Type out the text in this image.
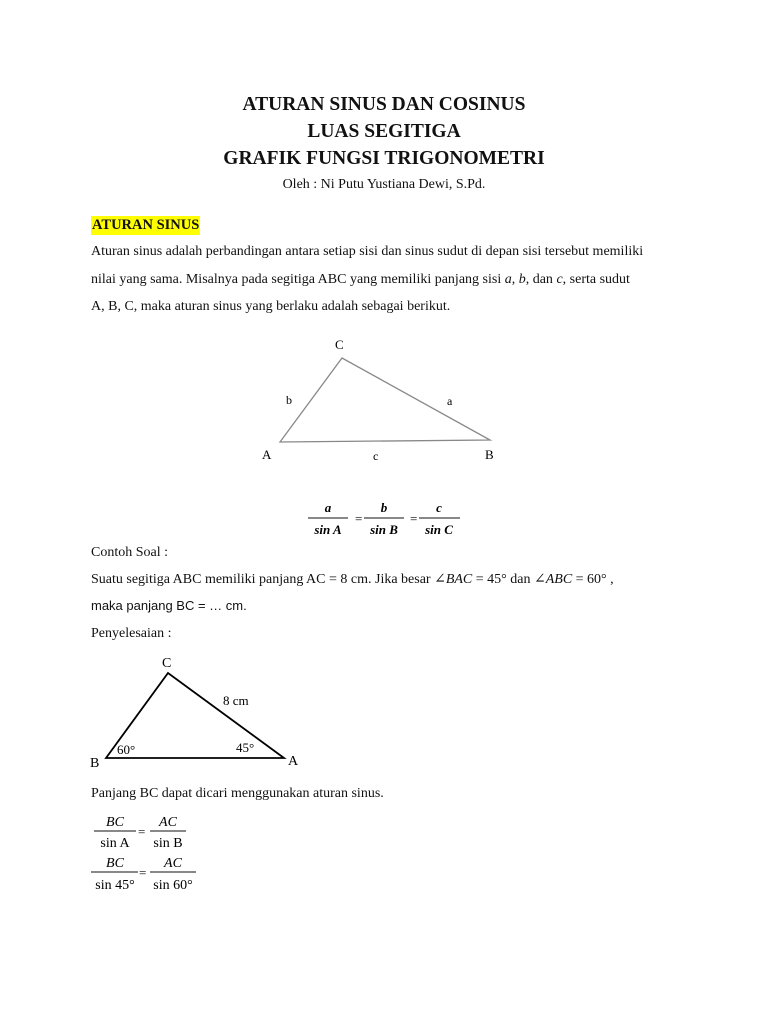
ATURAN SINUS DAN COSINUS
LUAS SEGITIGA
GRAFIK FUNGSI TRIGONOMETRI
Oleh : Ni Putu Yustiana Dewi, S.Pd.
ATURAN SINUS
Aturan sinus adalah perbandingan antara setiap sisi dan sinus sudut di depan sisi tersebut memiliki
nilai yang sama. Misalnya pada segitiga ABC yang memiliki panjang sisi a, b, dan c, serta sudut
A, B, C, maka aturan sinus yang berlaku adalah sebagai berikut.
C
A	B
b	a
c
a
sin A
=
b
sin B
=
c
sin C
Contoh Soal :
Suatu segitiga ABC memiliki panjang AC = 8 cm. Jika besar ∠BAC = 45° dan ∠ABC = 60° ,
maka panjang BC = … cm.
Penyelesaian :
C
B	A
8 cm
60°	45°
Panjang BC dapat dicari menggunakan aturan sinus.
BC
sin A
=
AC
sin B
BC
sin 45°
=
AC
sin 60°
